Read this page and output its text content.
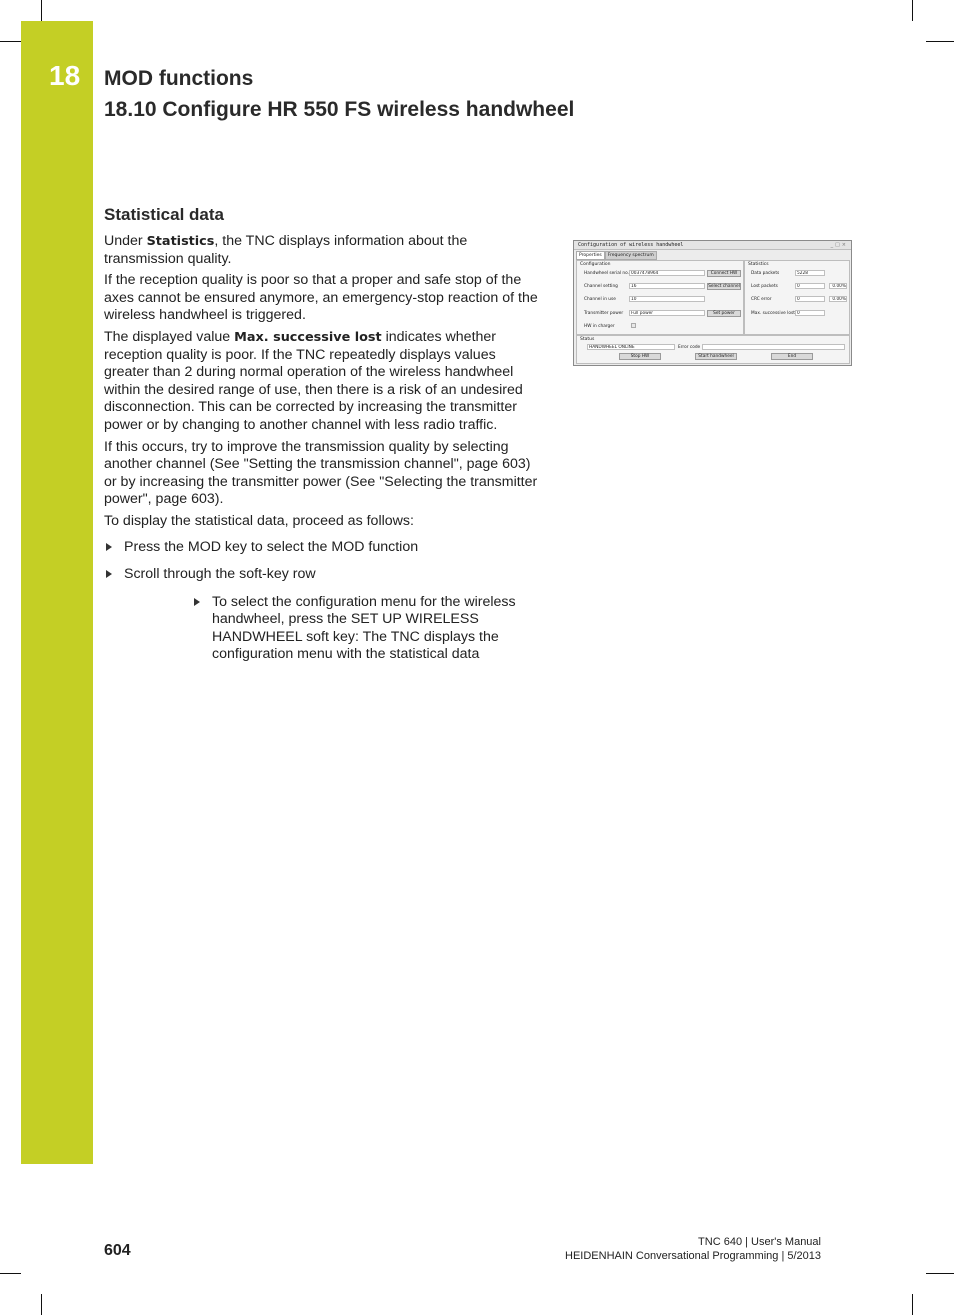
18 MOD functions
18.10 Configure HR 550 FS wireless handwheel
Statistical data

Under Statistics, the TNC displays information about the transmission quality.

If the reception quality is poor so that a proper and safe stop of the axes cannot be ensured anymore, an emergency-stop reaction of the wireless handwheel is triggered.

The displayed value Max. successive lost indicates whether reception quality is poor. If the TNC repeatedly displays values greater than 2 during normal operation of the wireless handwheel within the desired range of use, then there is a risk of an undesired disconnection. This can be corrected by increasing the transmitter power or by changing to another channel with less radio traffic.

If this occurs, try to improve the transmission quality by selecting another channel (See "Setting the transmission channel", page 603) or by increasing the transmitter power (See "Selecting the transmitter power", page 603).

To display the statistical data, proceed as follows:

Press the MOD key to select the MOD function
Scroll through the soft-key row
To select the configuration menu for the wireless handwheel, press the SET UP WIRELESS HANDWHEEL soft key: The TNC displays the configuration menu with the statistical data
Configuration of wireless handwheel	_□×
Properties Frequency spectrum
Configuration
Handwheel serial no. 0037478964	Connect HW
Channel setting	16	Select channel
Channel in use	10
Transmitter power	Full power	Set power
HW in charger
Statistics
Data packets	5228
Lost packets	0	0.00%
CRC error	0	0.00%
Max. successive lost 0
Status
HANDWHEEL ONLINE	Error code
Stop HW	Start handwheel	End
604	TNC 640 | User's Manual
HEIDENHAIN Conversational Programming | 5/2013
